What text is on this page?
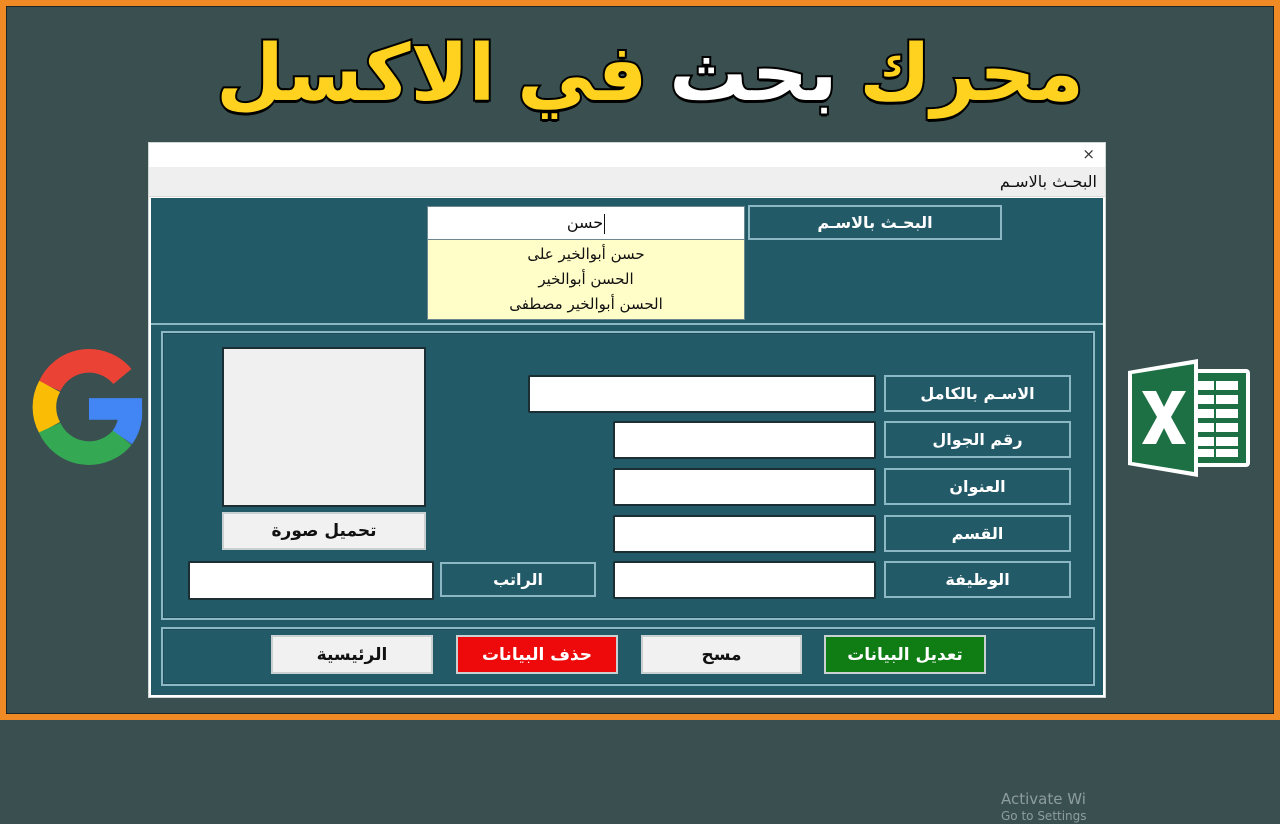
محرك
بحث
في
الاكسل
×
البحـث بالاسـم
البحـث بالاسـم
حسن
حسن أبوالخير على
الحسن أبوالخير
الحسن أبوالخير مصطفى
تحميل صورة
الراتب
الاسـم بالكامل
رقم الجوال
العنوان
القسم
الوظيفة
الرئيسية	حذف البيانات	مسح	تعديل البيانات
Activate Wi
Go to Settings
